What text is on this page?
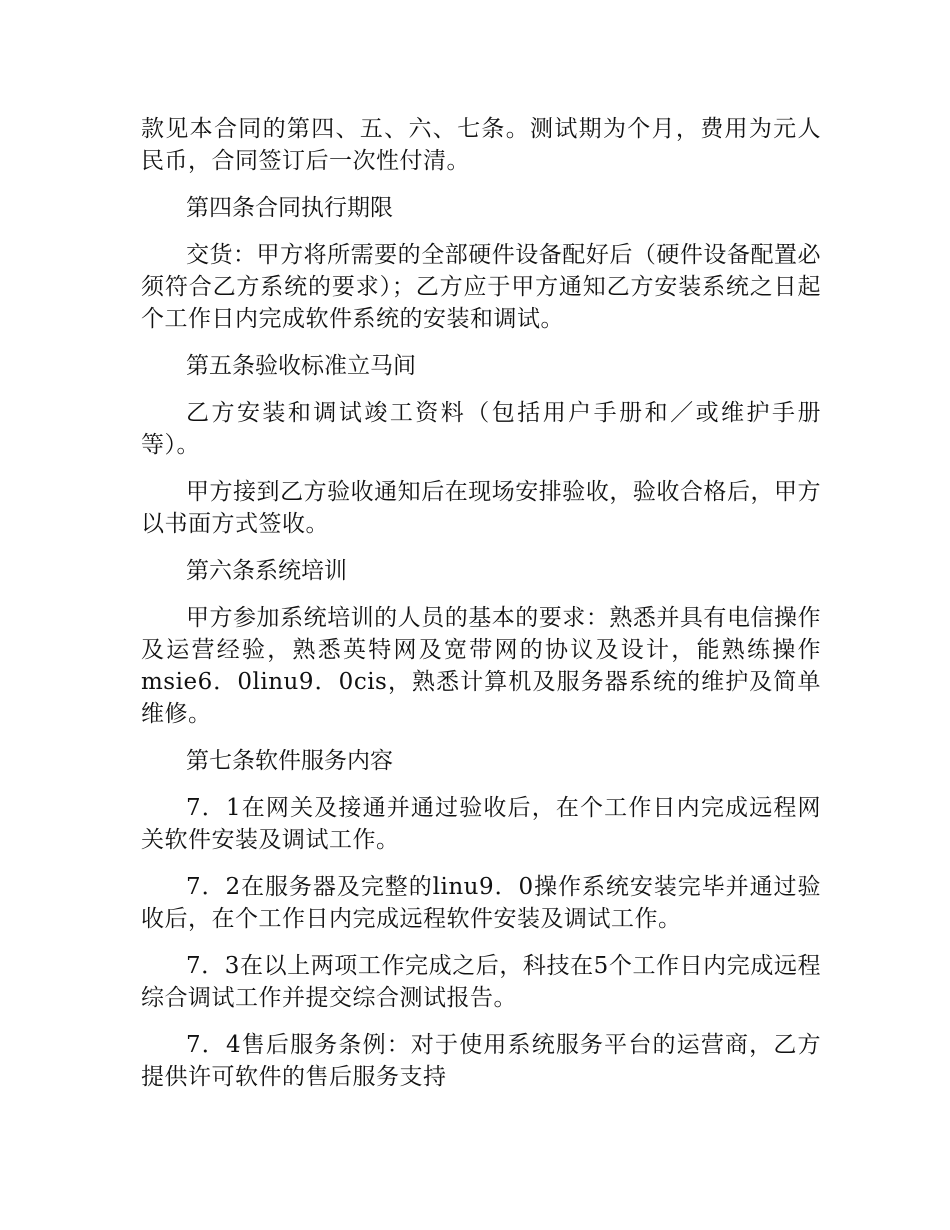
款见本合同的第四、五、六、七条。测试期为个月，费用为元人民币，合同签订后一次性付清。

第四条合同执行期限

交货：甲方将所需要的全部硬件设备配好后（硬件设备配置必须符合乙方系统的要求）；乙方应于甲方通知乙方安装系统之日起个工作日内完成软件系统的安装和调试。

第五条验收标准立马间

乙方安装和调试竣工资料（包括用户手册和／或维护手册等）。

甲方接到乙方验收通知后在现场安排验收，验收合格后，甲方以书面方式签收。

第六条系统培训

甲方参加系统培训的人员的基本的要求：熟悉并具有电信操作及运营经验，熟悉英特网及宽带网的协议及设计，能熟练操作msie6．0linu9．0cis，熟悉计算机及服务器系统的维护及简单维修。

第七条软件服务内容

7．1在网关及接通并通过验收后，在个工作日内完成远程网关软件安装及调试工作。

7．2在服务器及完整的linu9．0操作系统安装完毕并通过验收后，在个工作日内完成远程软件安装及调试工作。

7．3在以上两项工作完成之后，科技在5个工作日内完成远程综合调试工作并提交综合测试报告。

7．4售后服务条例：对于使用系统服务平台的运营商，乙方提供许可软件的售后服务支持
